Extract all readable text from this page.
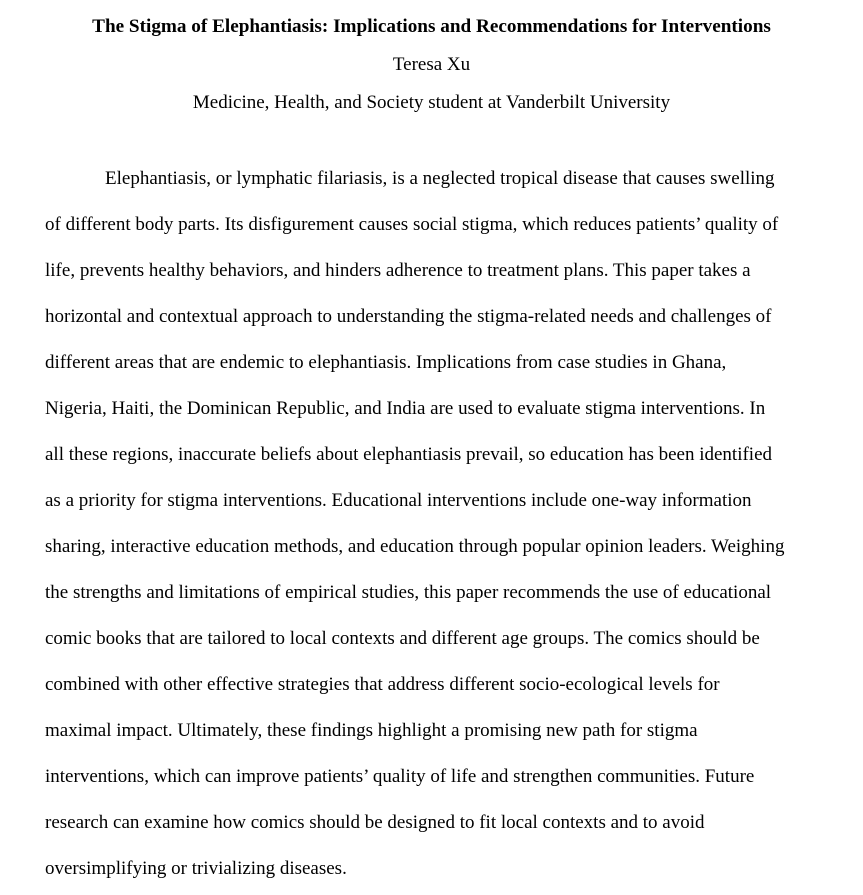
The Stigma of Elephantiasis: Implications and Recommendations for Interventions
Teresa Xu
Medicine, Health, and Society student at Vanderbilt University

Elephantiasis, or lymphatic filariasis, is a neglected tropical disease that causes swelling
of different body parts. Its disfigurement causes social stigma, which reduces patients’ quality of
life, prevents healthy behaviors, and hinders adherence to treatment plans. This paper takes a
horizontal and contextual approach to understanding the stigma-related needs and challenges of
different areas that are endemic to elephantiasis. Implications from case studies in Ghana,
Nigeria, Haiti, the Dominican Republic, and India are used to evaluate stigma interventions. In
all these regions, inaccurate beliefs about elephantiasis prevail, so education has been identified
as a priority for stigma interventions. Educational interventions include one-way information
sharing, interactive education methods, and education through popular opinion leaders. Weighing
the strengths and limitations of empirical studies, this paper recommends the use of educational
comic books that are tailored to local contexts and different age groups. The comics should be
combined with other effective strategies that address different socio-ecological levels for
maximal impact. Ultimately, these findings highlight a promising new path for stigma
interventions, which can improve patients’ quality of life and strengthen communities. Future
research can examine how comics should be designed to fit local contexts and to avoid
oversimplifying or trivializing diseases.
